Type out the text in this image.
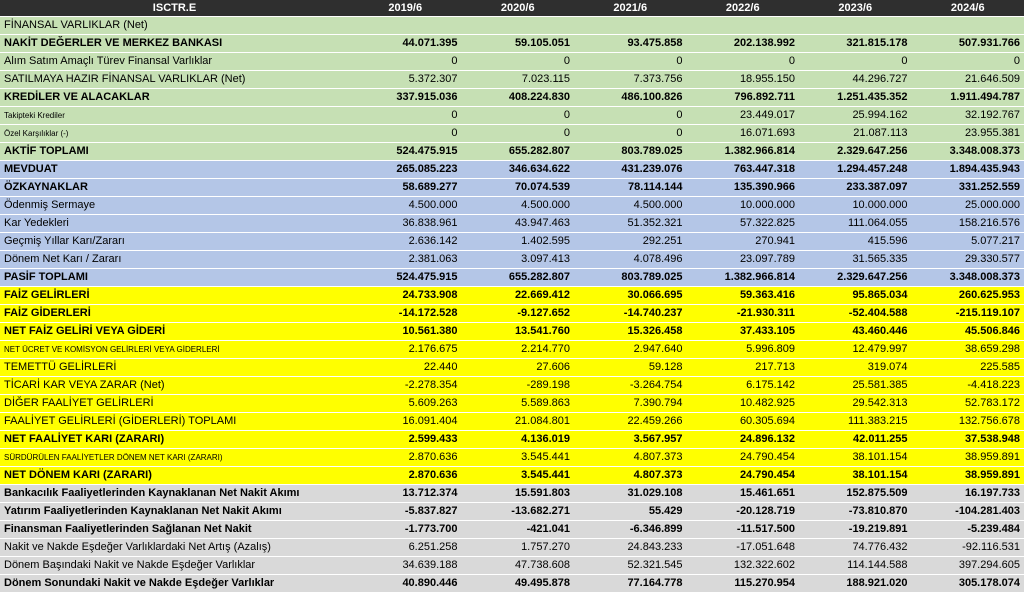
ISCTR.E	2019/6	2020/6	2021/6	2022/6	2023/6	2024/6
FİNANSAL VARLIKLAR (Net)						
NAKİT DEĞERLER VE MERKEZ BANKASI	44.071.395	59.105.051	93.475.858	202.138.992	321.815.178	507.931.766
Alım Satım Amaçlı Türev Finansal Varlıklar	0	0	0	0	0	0
SATILMAYA HAZIR FİNANSAL VARLIKLAR (Net)	5.372.307	7.023.115	7.373.756	18.955.150	44.296.727	21.646.509
KREDİLER VE ALACAKLAR	337.915.036	408.224.830	486.100.826	796.892.711	1.251.435.352	1.911.494.787
Takipteki Krediler	0	0	0	23.449.017	25.994.162	32.192.767
Özel Karşılıklar (-)	0	0	0	16.071.693	21.087.113	23.955.381
AKTİF TOPLAMI	524.475.915	655.282.807	803.789.025	1.382.966.814	2.329.647.256	3.348.008.373
MEVDUAT	265.085.223	346.634.622	431.239.076	763.447.318	1.294.457.248	1.894.435.943
ÖZKAYNAKLAR	58.689.277	70.074.539	78.114.144	135.390.966	233.387.097	331.252.559
Ödenmiş Sermaye	4.500.000	4.500.000	4.500.000	10.000.000	10.000.000	25.000.000
Kar Yedekleri	36.838.961	43.947.463	51.352.321	57.322.825	111.064.055	158.216.576
Geçmiş Yıllar Karı/Zararı	2.636.142	1.402.595	292.251	270.941	415.596	5.077.217
Dönem Net Karı / Zararı	2.381.063	3.097.413	4.078.496	23.097.789	31.565.335	29.330.577
PASİF TOPLAMI	524.475.915	655.282.807	803.789.025	1.382.966.814	2.329.647.256	3.348.008.373
FAİZ GELİRLERİ	24.733.908	22.669.412	30.066.695	59.363.416	95.865.034	260.625.953
FAİZ GİDERLERİ	-14.172.528	-9.127.652	-14.740.237	-21.930.311	-52.404.588	-215.119.107
NET FAİZ GELİRİ VEYA GİDERİ	10.561.380	13.541.760	15.326.458	37.433.105	43.460.446	45.506.846
NET ÜCRET VE KOMİSYON GELİRLERİ VEYA GİDERLERİ	2.176.675	2.214.770	2.947.640	5.996.809	12.479.997	38.659.298
TEMETTÜ GELİRLERİ	22.440	27.606	59.128	217.713	319.074	225.585
TİCARİ KAR VEYA ZARAR (Net)	-2.278.354	-289.198	-3.264.754	6.175.142	25.581.385	-4.418.223
DİĞER FAALİYET GELİRLERİ	5.609.263	5.589.863	7.390.794	10.482.925	29.542.313	52.783.172
FAALİYET GELİRLERİ (GİDERLERİ) TOPLAMI	16.091.404	21.084.801	22.459.266	60.305.694	111.383.215	132.756.678
NET FAALİYET KARI (ZARARI)	2.599.433	4.136.019	3.567.957	24.896.132	42.011.255	37.538.948
SÜRDÜRÜLEN FAALİYETLER DÖNEM NET KARI (ZARARI)	2.870.636	3.545.441	4.807.373	24.790.454	38.101.154	38.959.891
NET DÖNEM KARI (ZARARI)	2.870.636	3.545.441	4.807.373	24.790.454	38.101.154	38.959.891
Bankacılık Faaliyetlerinden Kaynaklanan Net Nakit Akımı	13.712.374	15.591.803	31.029.108	15.461.651	152.875.509	16.197.733
Yatırım Faaliyetlerinden Kaynaklanan Net Nakit Akımı	-5.837.827	-13.682.271	55.429	-20.128.719	-73.810.870	-104.281.403
Finansman Faaliyetlerinden Sağlanan Net Nakit	-1.773.700	-421.041	-6.346.899	-11.517.500	-19.219.891	-5.239.484
Nakit ve Nakde Eşdeğer Varlıklardaki Net Artış (Azalış)	6.251.258	1.757.270	24.843.233	-17.051.648	74.776.432	-92.116.531
Dönem Başındaki Nakit ve Nakde Eşdeğer Varlıklar	34.639.188	47.738.608	52.321.545	132.322.602	114.144.588	397.294.605
Dönem Sonundaki Nakit ve Nakde Eşdeğer Varlıklar	40.890.446	49.495.878	77.164.778	115.270.954	188.921.020	305.178.074
